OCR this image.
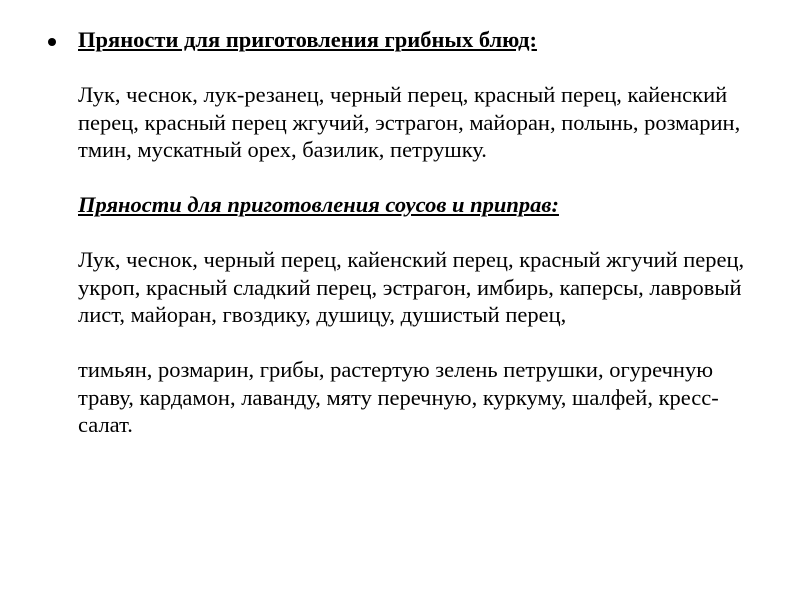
Пряности для приготовления грибных блюд:

Лук, чеснок, лук-резанец, черный перец, красный перец, кайенский перец, красный перец жгучий, эстрагон, майоран, полынь, розмарин, тмин, мускатный орех, базилик, петрушку.

Пряности для приготовления соусов и приправ:

Лук, чеснок, черный перец, кайенский перец, красный жгучий перец, укроп, красный сладкий перец, эстрагон, имбирь, каперсы, лавровый лист, майоран, гвоздику, душицу, душистый перец,

тимьян, розмарин, грибы, растертую зелень петрушки, огуречную траву, кардамон, лаванду, мяту перечную, куркуму, шалфей, кресс-салат.
